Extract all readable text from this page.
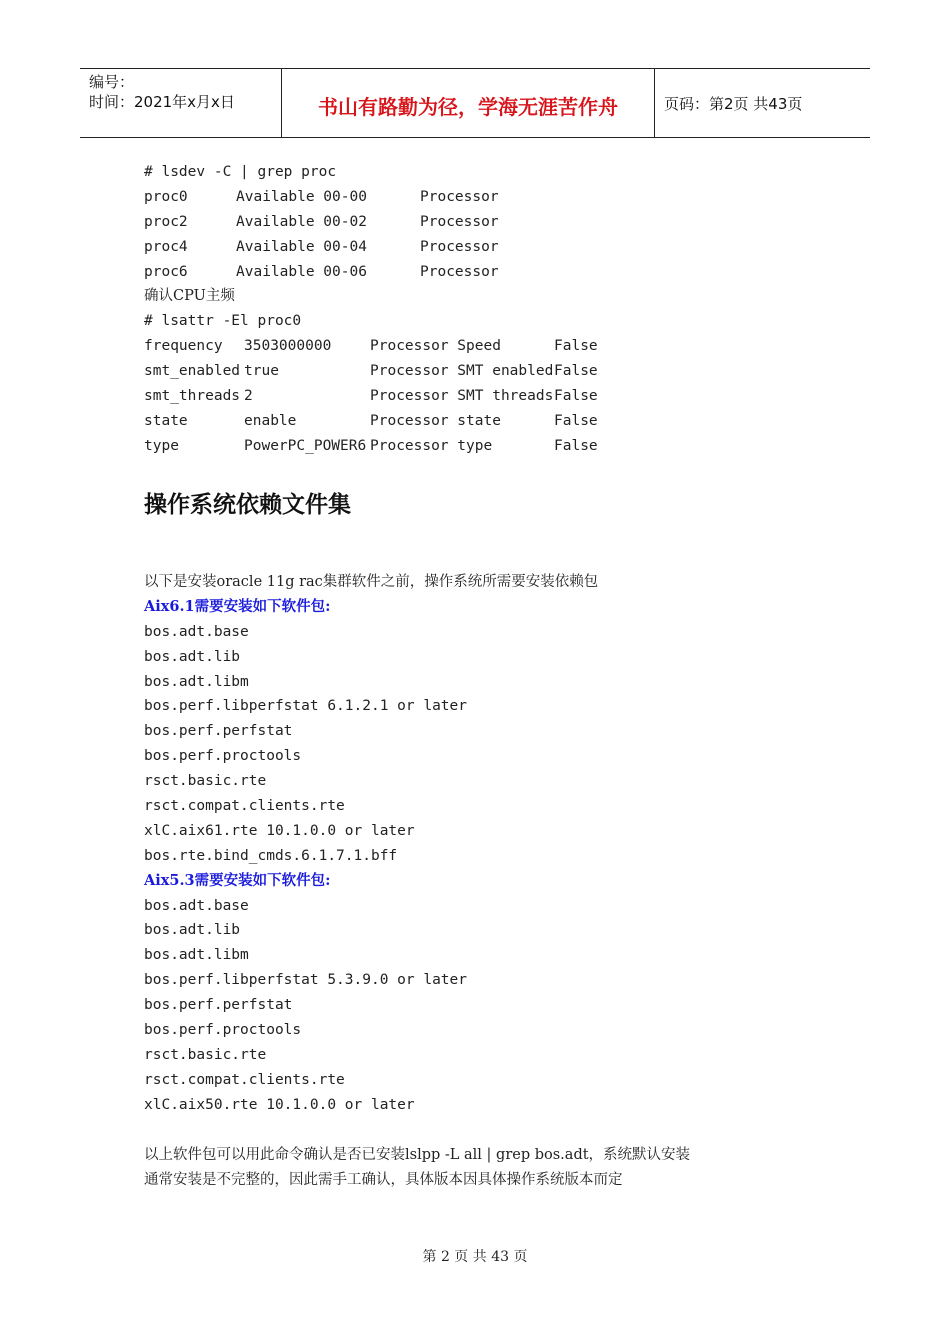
编号：
时间：2021年x月x日	书山有路勤为径，学海无涯苦作舟	页码：第2页 共43页
# lsdev -C | grep proc
proc0	Available 00-00	Processor
proc2	Available 00-02	Processor
proc4	Available 00-04	Processor
proc6	Available 00-06	Processor
确认CPU主频
# lsattr -El proc0
frequency	3503000000	Processor Speed	False
smt_enabled true	Processor SMT enabled False
smt_threads 2	Processor SMT threads False
state	enable	Processor state	False
type	PowerPC_POWER6 Processor type	False
操作系统依赖文件集
以下是安装oracle 11g rac集群软件之前，操作系统所需要安装依赖包
Aix6.1需要安装如下软件包:
bos.adt.base
bos.adt.lib
bos.adt.libm
bos.perf.libperfstat 6.1.2.1 or later
bos.perf.perfstat
bos.perf.proctools
rsct.basic.rte
rsct.compat.clients.rte
xlC.aix61.rte 10.1.0.0 or later
bos.rte.bind_cmds.6.1.7.1.bff
Aix5.3需要安装如下软件包:
bos.adt.base
bos.adt.lib
bos.adt.libm
bos.perf.libperfstat 5.3.9.0 or later
bos.perf.perfstat
bos.perf.proctools
rsct.basic.rte
rsct.compat.clients.rte
xlC.aix50.rte 10.1.0.0 or later
以上软件包可以用此命令确认是否已安装lslpp -L all | grep bos.adt，系统默认安装
通常安装是不完整的，因此需手工确认，具体版本因具体操作系统版本而定
第 2 页 共 43 页
